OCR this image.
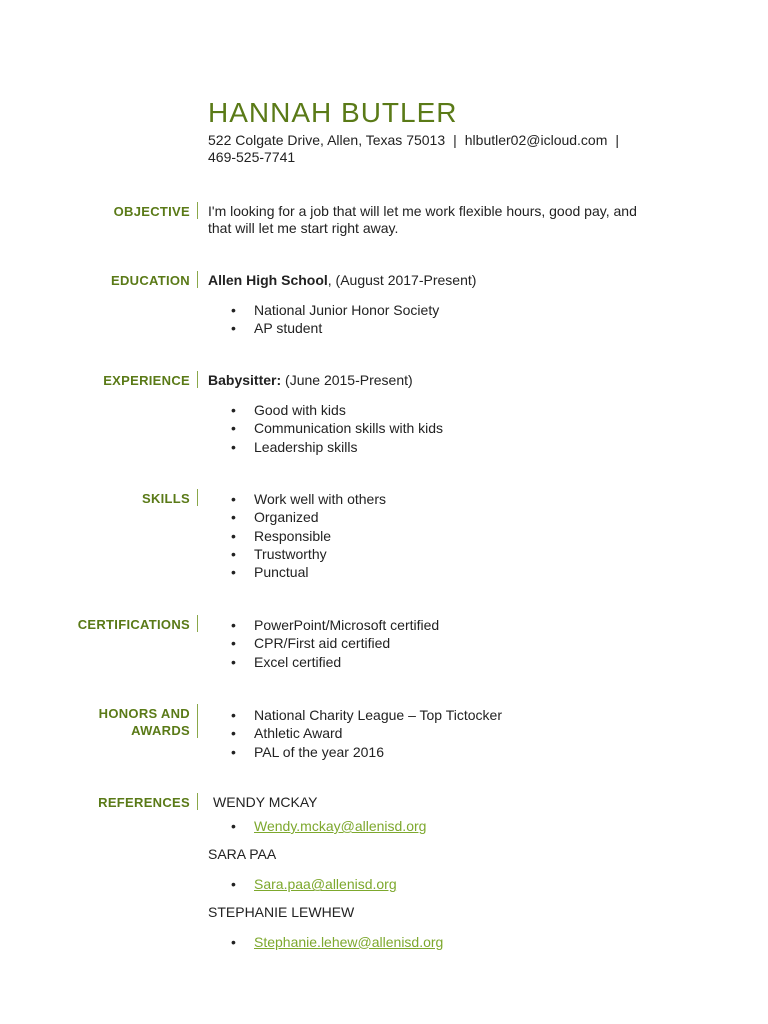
HANNAH BUTLER
522 Colgate Drive, Allen, Texas 75013 | hlbutler02@icloud.com |
469-525-7741
OBJECTIVE I'm looking for a job that will let me work flexible hours, good pay, and that will let me start right away.

EDUCATION Allen High School, (August 2017-Present)

• National Junior Honor Society
• AP student
EXPERIENCE Babysitter: (June 2015-Present)

• Good with kids
• Communication skills with kids
• Leadership skills
SKILLS	• Work well with others
• Organized
• Responsible
• Trustworthy
• Punctual
CERTIFICATIONS	• PowerPoint/Microsoft certified
• CPR/First aid certified
• Excel certified
HONORS AND
AWARDS
• National Charity League – Top Tictocker
• Athletic Award
• PAL of the year 2016
REFERENCES	WENDY MCKAY
• Wendy.mckay@allenisd.org
SARA PAA
• Sara.paa@allenisd.org
STEPHANIE LEWHEW
• Stephanie.lehew@allenisd.org
